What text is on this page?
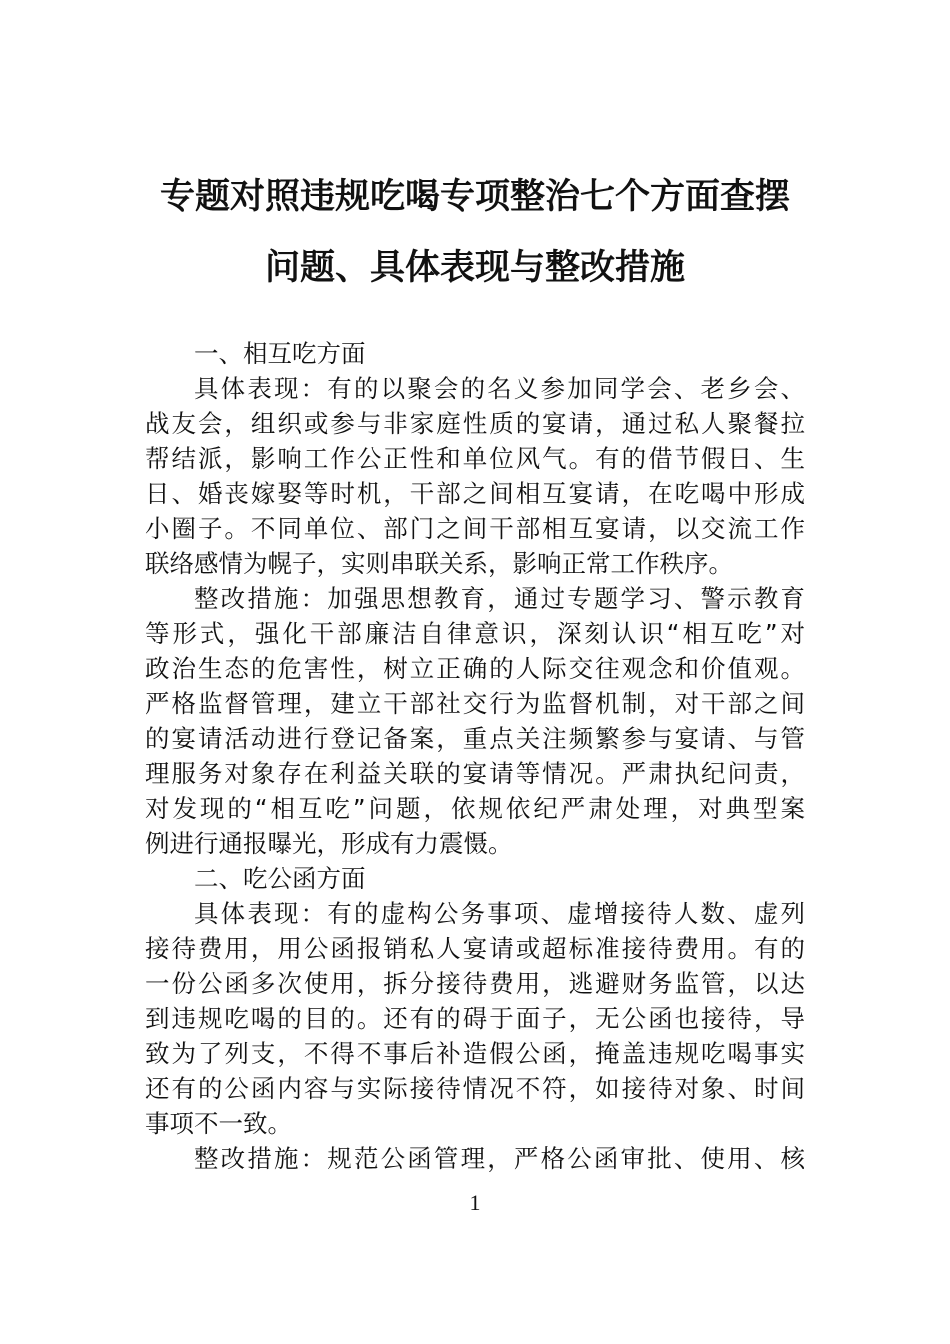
专题对照违规吃喝专项整治七个方面查摆
问题、具体表现与整改措施
一、相互吃方面
具体表现：有的以聚会的名义参加同学会、老乡会、
战友会，组织或参与非家庭性质的宴请，通过私人聚餐拉
帮结派，影响工作公正性和单位风气。有的借节假日、生
日、婚丧嫁娶等时机，干部之间相互宴请，在吃喝中形成
小圈子。不同单位、部门之间干部相互宴请，以交流工作
联络感情为幌子，实则串联关系，影响正常工作秩序。
整改措施：加强思想教育，通过专题学习、警示教育
等形式，强化干部廉洁自律意识，深刻认识“相互吃”对
政治生态的危害性，树立正确的人际交往观念和价值观。
严格监督管理，建立干部社交行为监督机制，对干部之间
的宴请活动进行登记备案，重点关注频繁参与宴请、与管
理服务对象存在利益关联的宴请等情况。严肃执纪问责，
对发现的“相互吃”问题，依规依纪严肃处理，对典型案
例进行通报曝光，形成有力震慑。
二、吃公函方面
具体表现：有的虚构公务事项、虚增接待人数、虚列
接待费用，用公函报销私人宴请或超标准接待费用。有的
一份公函多次使用，拆分接待费用，逃避财务监管，以达
到违规吃喝的目的。还有的碍于面子，无公函也接待，导
致为了列支，不得不事后补造假公函，掩盖违规吃喝事实
还有的公函内容与实际接待情况不符，如接待对象、时间
事项不一致。
整改措施：规范公函管理，严格公函审批、使用、核
1
